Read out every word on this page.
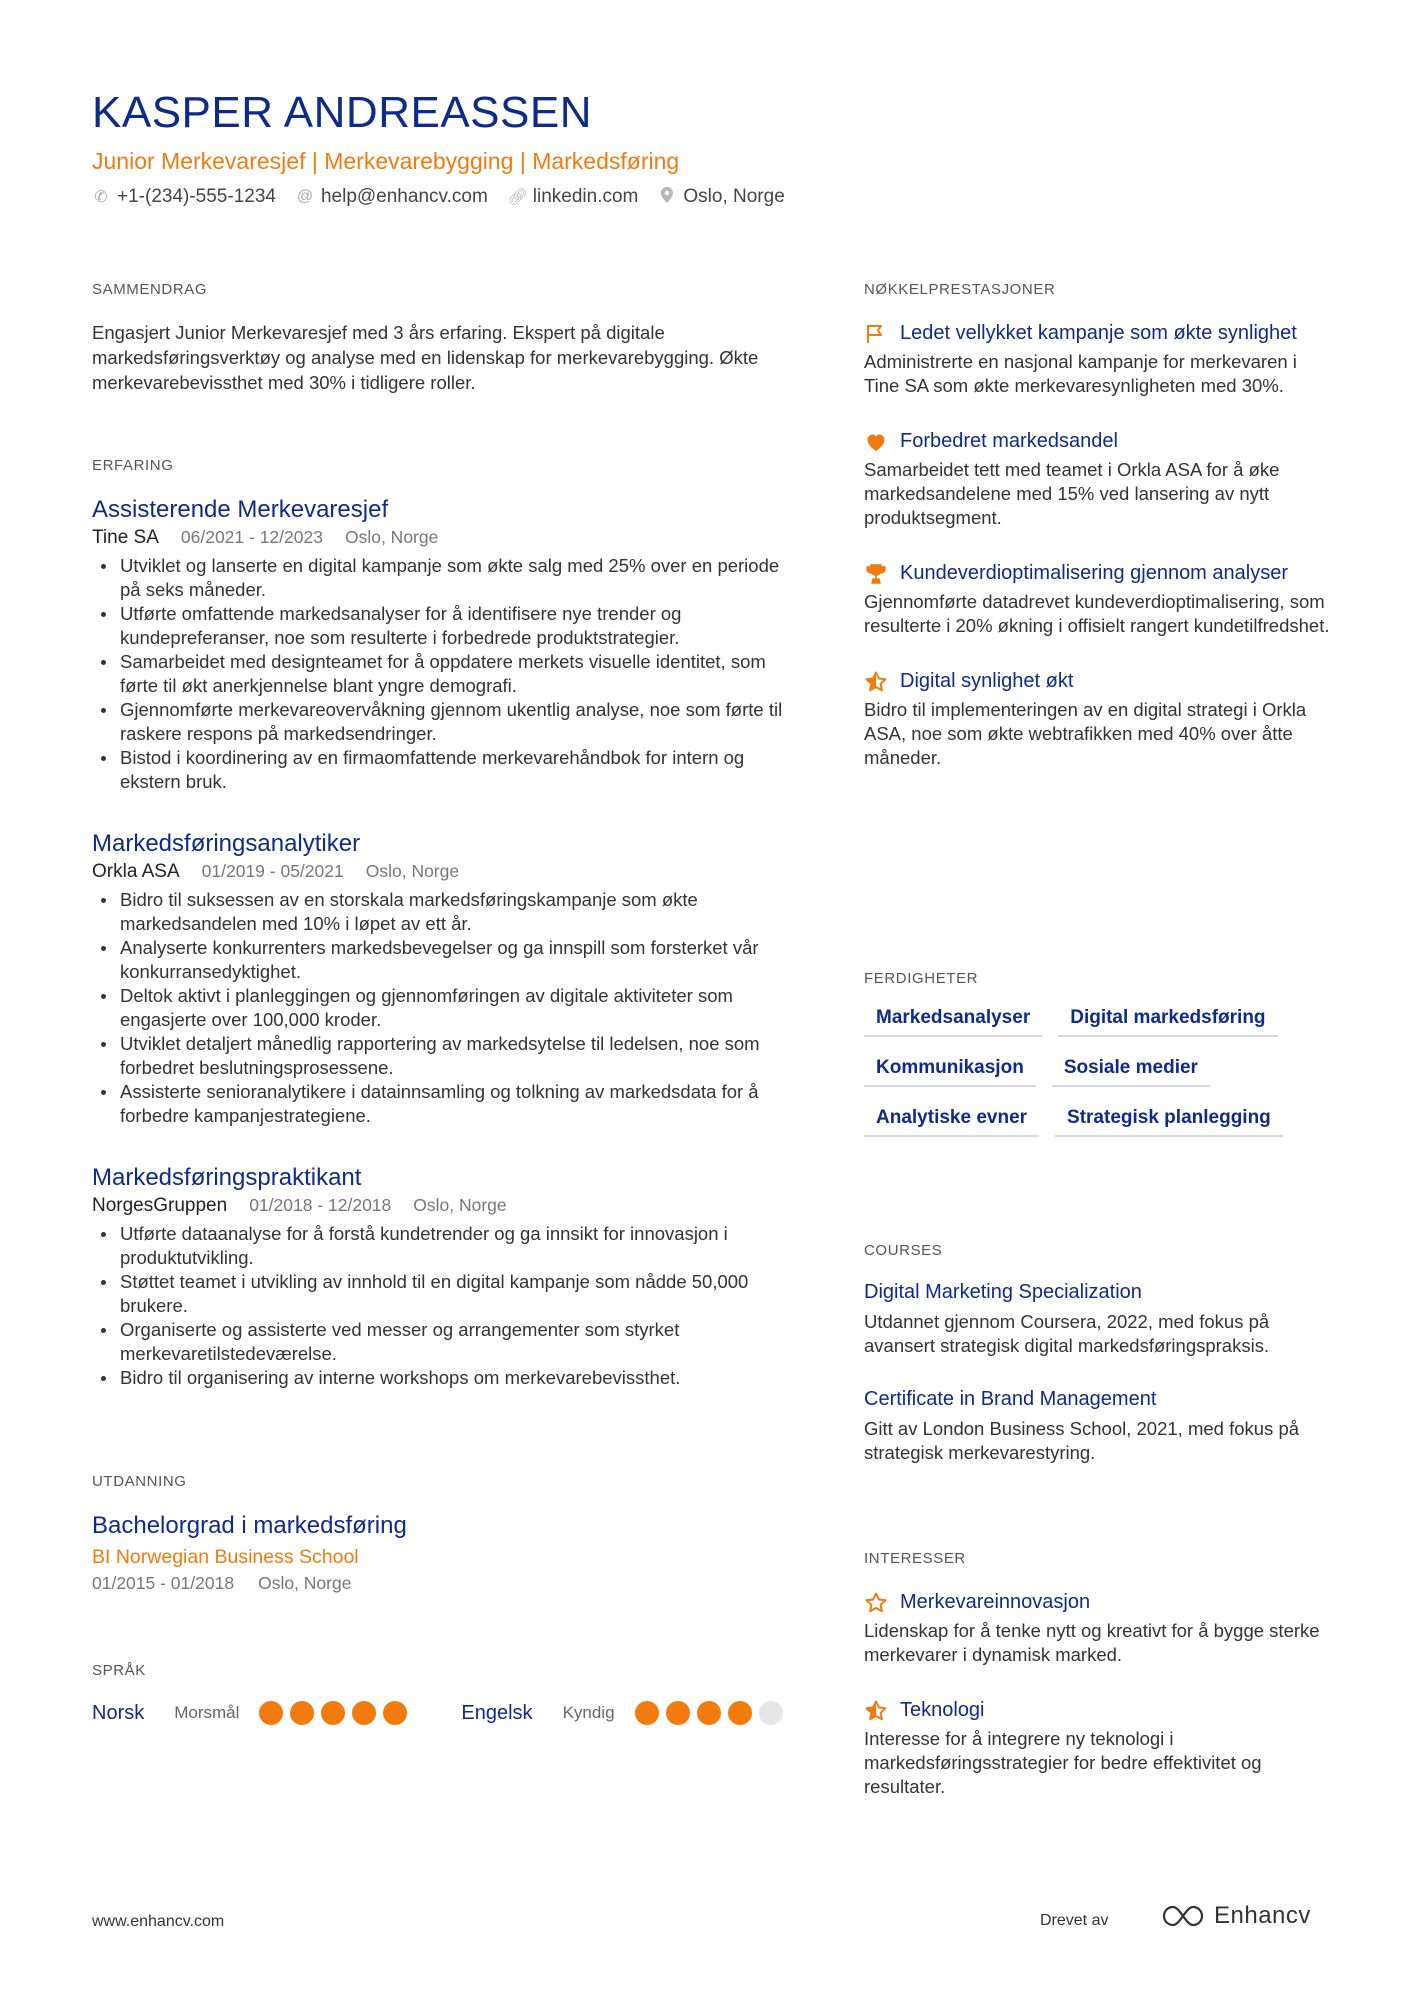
KASPER ANDREASSEN
Junior Merkevaresjef | Merkevarebygging | Markedsføring
✆ +1-(234)-555-1234 @ help@enhancv.com 🔗︎ linkedin.com Oslo, Norge
SAMMENDRAG

Engasjert Junior Merkevaresjef med 3 års erfaring. Ekspert på digitale markedsføringsverktøy og analyse med en lidenskap for merkevarebygging. Økte merkevarebevissthet med 30% i tidligere roller.

ERFARING
Assisterende Merkevaresjef
Tine SA 06/2021 - 12/2023 Oslo, Norge
Utviklet og lanserte en digital kampanje som økte salg med 25% over en periode på seks måneder.
Utførte omfattende markedsanalyser for å identifisere nye trender og kundepreferanser, noe som resulterte i forbedrede produktstrategier.
Samarbeidet med designteamet for å oppdatere merkets visuelle identitet, som førte til økt anerkjennelse blant yngre demografi.
Gjennomførte merkevareovervåkning gjennom ukentlig analyse, noe som førte til raskere respons på markedsendringer.
Bistod i koordinering av en firmaomfattende merkevarehåndbok for intern og ekstern bruk.
Markedsføringsanalytiker
Orkla ASA 01/2019 - 05/2021 Oslo, Norge
Bidro til suksessen av en storskala markedsføringskampanje som økte markedsandelen med 10% i løpet av ett år.
Analyserte konkurrenters markedsbevegelser og ga innspill som forsterket vår konkurransedyktighet.
Deltok aktivt i planleggingen og gjennomføringen av digitale aktiviteter som engasjerte over 100,000 kroder.
Utviklet detaljert månedlig rapportering av markedsytelse til ledelsen, noe som forbedret beslutningsprosessene.
Assisterte senioranalytikere i datainnsamling og tolkning av markedsdata for å forbedre kampanjestrategiene.
Markedsføringspraktikant
NorgesGruppen 01/2018 - 12/2018 Oslo, Norge
Utførte dataanalyse for å forstå kundetrender og ga innsikt for innovasjon i produktutvikling.
Støttet teamet i utvikling av innhold til en digital kampanje som nådde 50,000 brukere.
Organiserte og assisterte ved messer og arrangementer som styrket merkevaretilstedeværelse.
Bidro til organisering av interne workshops om merkevarebevissthet.
UTDANNING
Bachelorgrad i markedsføring
BI Norwegian Business School
01/2015 - 01/2018 Oslo, Norge
SPRÅK
Norsk Morsmål	Engelsk Kyndig
NØKKELPRESTASJONER
Ledet vellykket kampanje som økte synlighet
Administrerte en nasjonal kampanje for merkevaren i Tine SA som økte merkevaresynligheten med 30%.
Forbedret markedsandel
Samarbeidet tett med teamet i Orkla ASA for å øke markedsandelene med 15% ved lansering av nytt produktsegment.
Kundeverdioptimalisering gjennom analyser
Gjennomførte datadrevet kundeverdioptimalisering, som resulterte i 20% økning i offisielt rangert kundetilfredshet.
Digital synlighet økt
Bidro til implementeringen av en digital strategi i Orkla ASA, noe som økte webtrafikken med 40% over åtte måneder.
FERDIGHETER
Markedsanalyser	Digital markedsføring
Kommunikasjon	Sosiale medier
Analytiske evner	Strategisk planlegging
COURSES
Digital Marketing Specialization
Utdannet gjennom Coursera, 2022, med fokus på avansert strategisk digital markedsføringspraksis.
Certificate in Brand Management
Gitt av London Business School, 2021, med fokus på strategisk merkevarestyring.
INTERESSER
Merkevareinnovasjon
Lidenskap for å tenke nytt og kreativt for å bygge sterke merkevarer i dynamisk marked.
Teknologi
Interesse for å integrere ny teknologi i markedsføringsstrategier for bedre effektivitet og resultater.
www.enhancv.com	Drevet av	Enhancv
